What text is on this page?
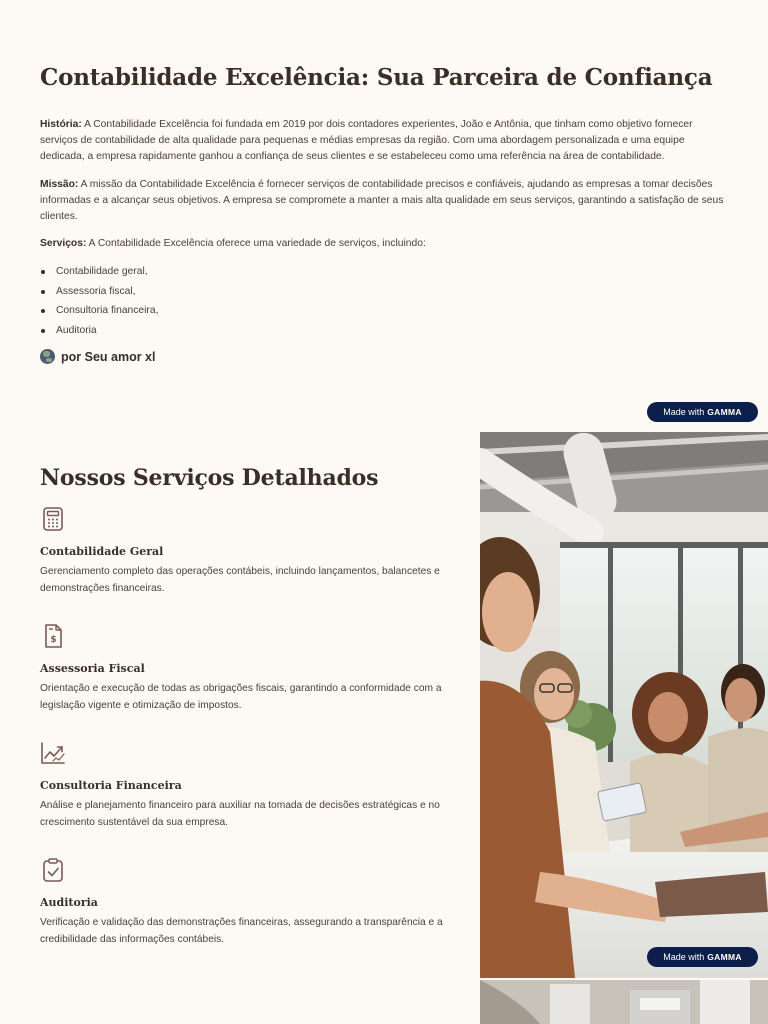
Contabilidade Excelência: Sua Parceira de Confiança

História: A Contabilidade Excelência foi fundada em 2019 por dois contadores experientes, João e Antônia, que tinham como objetivo fornecer serviços de contabilidade de alta qualidade para pequenas e médias empresas da região. Com uma abordagem personalizada e uma equipe dedicada, a empresa rapidamente ganhou a confiança de seus clientes e se estabeleceu como uma referência na área de contabilidade.

Missão: A missão da Contabilidade Excelência é fornecer serviços de contabilidade precisos e confiáveis, ajudando as empresas a tomar decisões informadas e a alcançar seus objetivos. A empresa se compromete a manter a mais alta qualidade em seus serviços, garantindo a satisfação de seus clientes.

Serviços: A Contabilidade Excelência oferece uma variedade de serviços, incluindo:

Contabilidade geral,
Assessoria fiscal,
Consultoria financeira,
Auditoria
por Seu amor xl
Made with GAMMA
Nossos Serviços Detalhados
Contabilidade Geral

Gerenciamento completo das operações contábeis, incluindo lançamentos, balancetes e demonstrações financeiras.

$
Assessoria Fiscal

Orientação e execução de todas as obrigações fiscais, garantindo a conformidade com a legislação vigente e otimização de impostos.

Consultoria Financeira

Análise e planejamento financeiro para auxiliar na tomada de decisões estratégicas e no crescimento sustentável da sua empresa.

Auditoria

Verificação e validação das demonstrações financeiras, assegurando a transparência e a credibilidade das informações contábeis.

Made with GAMMA
